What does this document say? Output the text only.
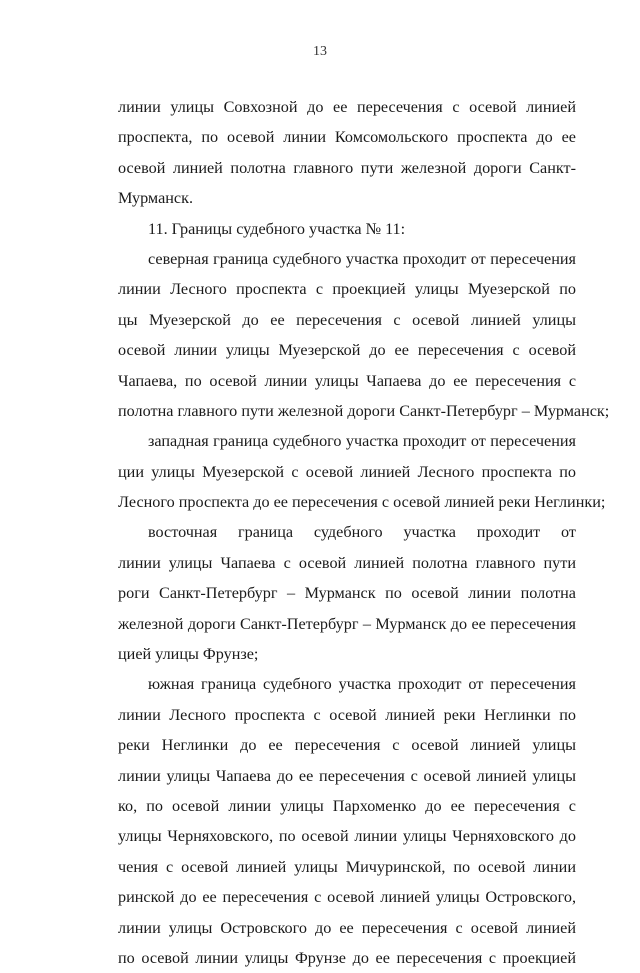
13
линии улицы Совхозной до ее пересечения с осевой линией
проспекта, по осевой линии Комсомольского проспекта до ее
осевой линией полотна главного пути железной дороги Санкт-
Мурманск.
11. Границы судебного участка № 11:
северная граница судебного участка проходит от пересечения
линии Лесного проспекта с проекцией улицы Муезерской по
цы Муезерской до ее пересечения с осевой линией улицы
осевой линии улицы Муезерской до ее пересечения с осевой
Чапаева, по осевой линии улицы Чапаева до ее пересечения с
полотна главного пути железной дороги Санкт-Петербург – Мурманск;
западная граница судебного участка проходит от пересечения
ции улицы Муезерской с осевой линией Лесного проспекта по
Лесного проспекта до ее пересечения с осевой линией реки Неглинки;
восточная граница судебного участка проходит от
линии улицы Чапаева с осевой линией полотна главного пути
роги Санкт-Петербург – Мурманск по осевой линии полотна
железной дороги Санкт-Петербург – Мурманск до ее пересечения
цией улицы Фрунзе;
южная граница судебного участка проходит от пересечения
линии Лесного проспекта с осевой линией реки Неглинки по
реки Неглинки до ее пересечения с осевой линией улицы
линии улицы Чапаева до ее пересечения с осевой линией улицы
ко, по осевой линии улицы Пархоменко до ее пересечения с
улицы Черняховского, по осевой линии улицы Черняховского до
чения с осевой линией улицы Мичуринской, по осевой линии
ринской до ее пересечения с осевой линией улицы Островского,
линии улицы Островского до ее пересечения с осевой линией
по осевой линии улицы Фрунзе до ее пересечения с проекцией
